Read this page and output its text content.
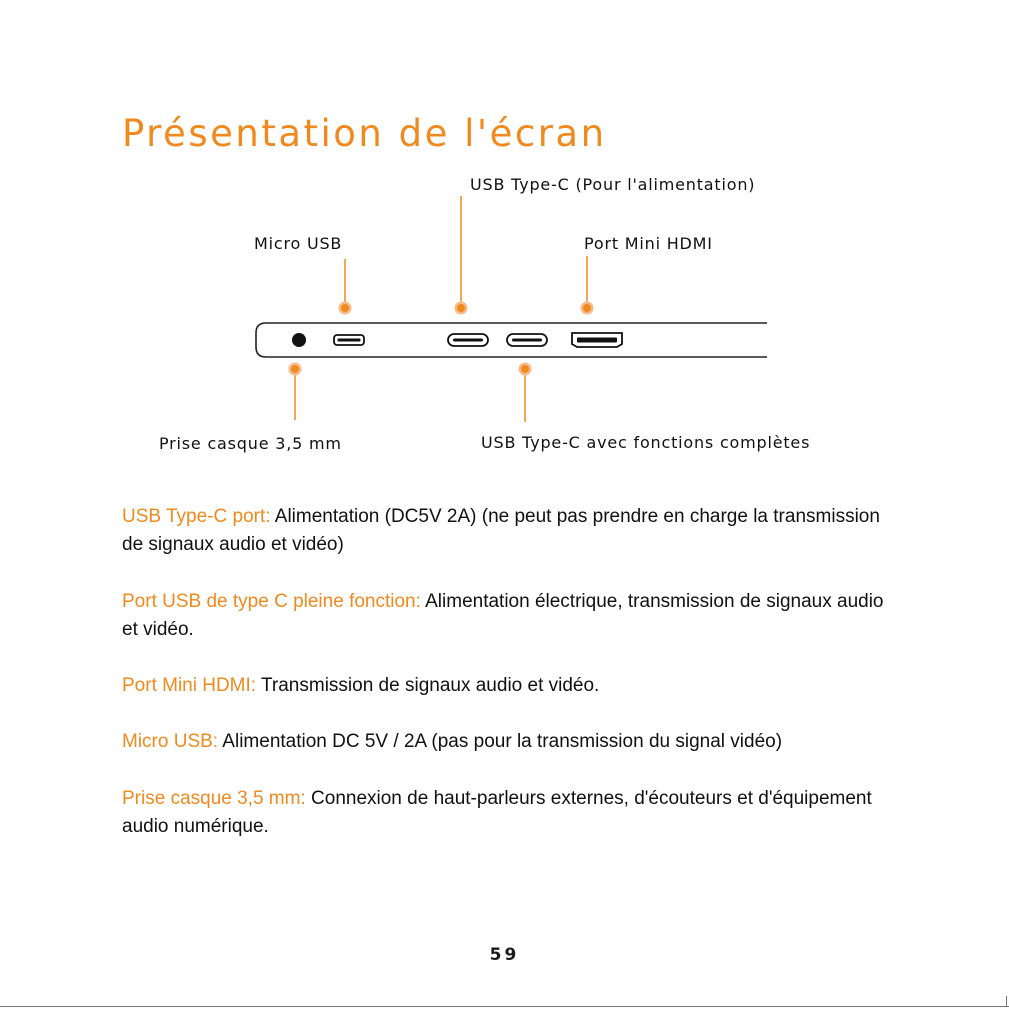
Présentation de l'écran
USB Type-C (Pour l'alimentation)
Micro USB	Port Mini HDMI
Prise casque 3,5 mm	USB Type-C avec fonctions complètes
USB Type-C port: Alimentation (DC5V 2A) (ne peut pas prendre en charge la transmission de signaux audio et vidéo)
Port USB de type C pleine fonction: Alimentation électrique, transmission de signaux audio et vidéo.
Port Mini HDMI: Transmission de signaux audio et vidéo.
Micro USB: Alimentation DC 5V / 2A (pas pour la transmission du signal vidéo)
Prise casque 3,5 mm: Connexion de haut-parleurs externes, d'écouteurs et d'équipement audio numérique.
59
